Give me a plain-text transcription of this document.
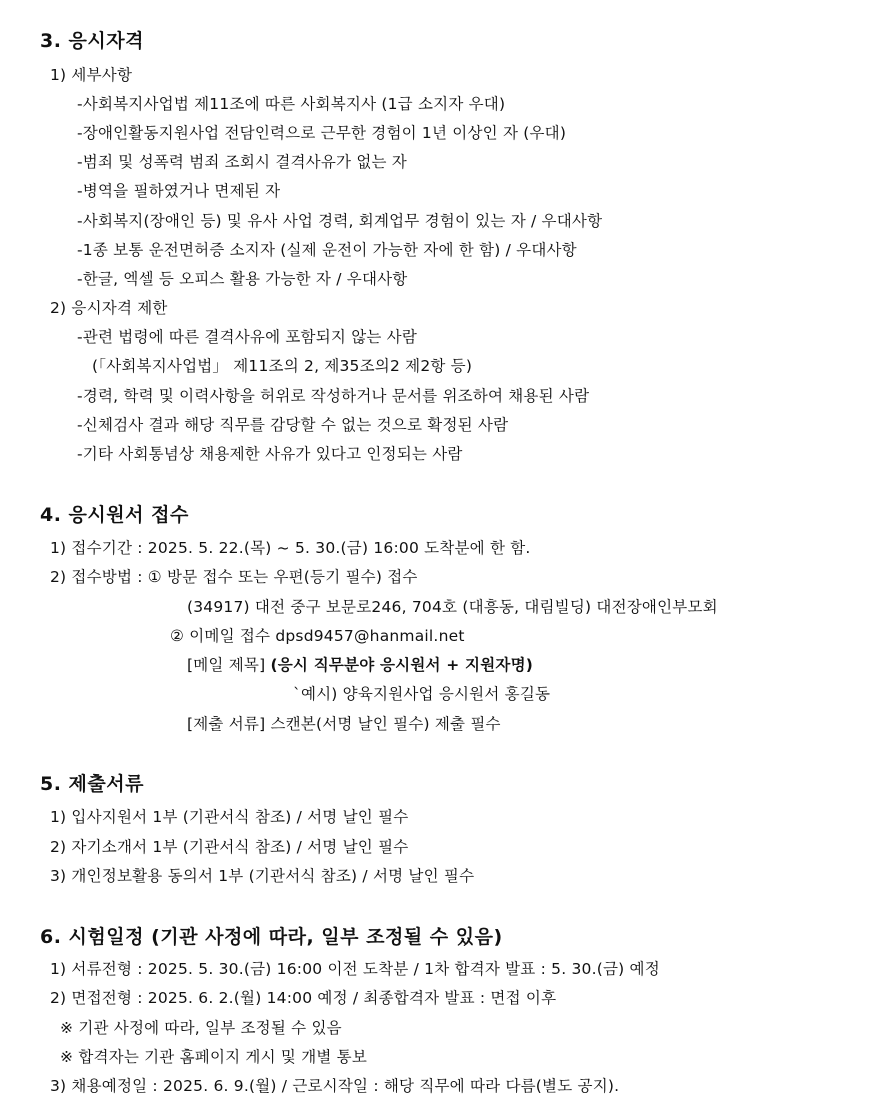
3. 응시자격
1) 세부사항
-사회복지사업법 제11조에 따른 사회복지사 (1급 소지자 우대)
-장애인활동지원사업 전담인력으로 근무한 경험이 1년 이상인 자 (우대)
-범죄 및 성폭력 범죄 조회시 결격사유가 없는 자
-병역을 필하였거나 면제된 자
-사회복지(장애인 등) 및 유사 사업 경력, 회계업무 경험이 있는 자 / 우대사항
-1종 보통 운전면허증 소지자 (실제 운전이 가능한 자에 한 함) / 우대사항
-한글, 엑셀 등 오피스 활용 가능한 자 / 우대사항
2) 응시자격 제한
-관련 법령에 따른 결격사유에 포함되지 않는 사람
(「사회복지사업법」 제11조의 2, 제35조의2 제2항 등)
-경력, 학력 및 이력사항을 허위로 작성하거나 문서를 위조하여 채용된 사람
-신체검사 결과 해당 직무를 감당할 수 없는 것으로 확정된 사람
-기타 사회통념상 채용제한 사유가 있다고 인정되는 사람
4. 응시원서 접수
1) 접수기간 : 2025. 5. 22.(목) ~ 5. 30.(금) 16:00 도착분에 한 함.
2) 접수방법 : ① 방문 접수 또는 우편(등기 필수) 접수
(34917) 대전 중구 보문로246, 704호 (대흥동, 대림빌딩) 대전장애인부모회
② 이메일 접수 dpsd9457@hanmail.net
[메일 제목] (응시 직무분야 응시원서 + 지원자명)
`예시) 양육지원사업 응시원서 홍길동
[제출 서류] 스캔본(서명 날인 필수) 제출 필수
5. 제출서류
1) 입사지원서 1부 (기관서식 참조) / 서명 날인 필수
2) 자기소개서 1부 (기관서식 참조) / 서명 날인 필수
3) 개인정보활용 동의서 1부 (기관서식 참조) / 서명 날인 필수
6. 시험일정 (기관 사정에 따라, 일부 조정될 수 있음)
1) 서류전형 : 2025. 5. 30.(금) 16:00 이전 도착분 / 1차 합격자 발표 : 5. 30.(금) 예정
2) 면접전형 : 2025. 6. 2.(월) 14:00 예정 / 최종합격자 발표 : 면접 이후
※ 기관 사정에 따라, 일부 조정될 수 있음
※ 합격자는 기관 홈페이지 게시 및 개별 통보
3) 채용예정일 : 2025. 6. 9.(월) / 근로시작일 : 해당 직무에 따라 다름(별도 공지).
